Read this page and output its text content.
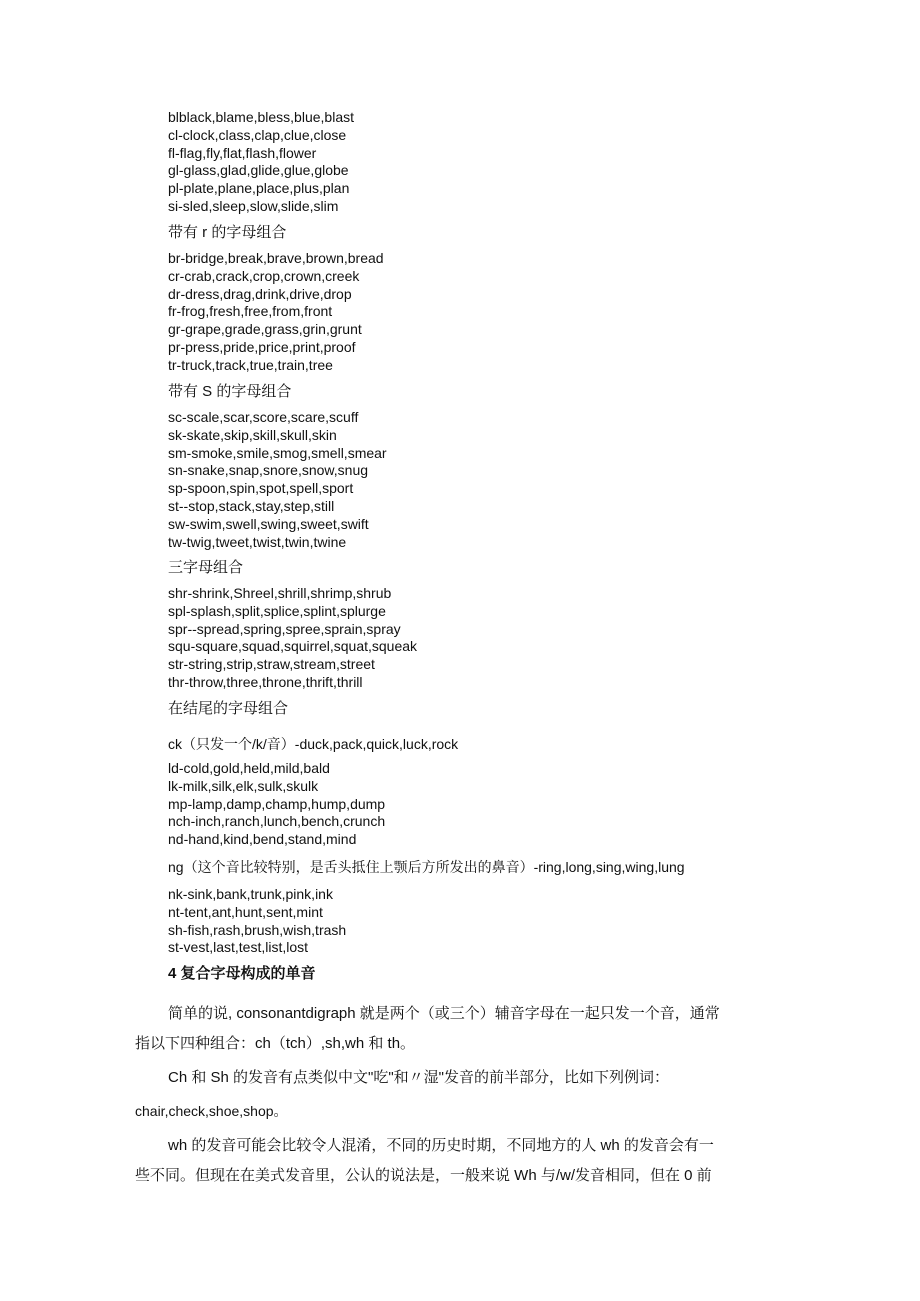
blblack,blame,bless,blue,blast
cl-clock,class,clap,clue,close
fl-flag,fly,flat,flash,flower
gl-glass,glad,glide,glue,globe
pl-plate,plane,place,plus,plan
si-sled,sleep,slow,slide,slim
带有 r 的字母组合
br-bridge,break,brave,brown,bread
cr-crab,crack,crop,crown,creek
dr-dress,drag,drink,drive,drop
fr-frog,fresh,free,from,front
gr-grape,grade,grass,grin,grunt
pr-press,pride,price,print,proof
tr-truck,track,true,train,tree
带有 S 的字母组合
sc-scale,scar,score,scare,scuff
sk-skate,skip,skill,skull,skin
sm-smoke,smile,smog,smell,smear
sn-snake,snap,snore,snow,snug
sp-spoon,spin,spot,spell,sport
st--stop,stack,stay,step,still
sw-swim,swell,swing,sweet,swift
tw-twig,tweet,twist,twin,twine
三字母组合
shr-shrink,Shreel,shrill,shrimp,shrub
spl-splash,split,splice,splint,splurge
spr--spread,spring,spree,sprain,spray
squ-square,squad,squirrel,squat,squeak
str-string,strip,straw,stream,street
thr-throw,three,throne,thrift,thrill
在结尾的字母组合
ck（只发一个/k/音）-duck,pack,quick,luck,rock
ld-cold,gold,held,mild,bald
lk-milk,silk,elk,sulk,skulk
mp-lamp,damp,champ,hump,dump
nch-inch,ranch,lunch,bench,crunch
nd-hand,kind,bend,stand,mind
ng（这个音比较特别，是舌头抵住上颚后方所发出的鼻音）-ring,long,sing,wing,lung
nk-sink,bank,trunk,pink,ink
nt-tent,ant,hunt,sent,mint
sh-fish,rash,brush,wish,trash
st-vest,last,test,list,lost
4 复合字母构成的单音
简单的说, consonantdigraph 就是两个（或三个）辅音字母在一起只发一个音，通常
指以下四种组合：ch（tch）,sh,wh 和 th。
Ch 和 Sh 的发音有点类似中文"吃"和〃湿"发音的前半部分，比如下列例词：
chair,check,shoe,shop。
wh 的发音可能会比较令人混淆，不同的历史时期，不同地方的人 wh 的发音会有一
些不同。但现在在美式发音里，公认的说法是，一般来说 Wh 与/w/发音相同，但在 0 前
